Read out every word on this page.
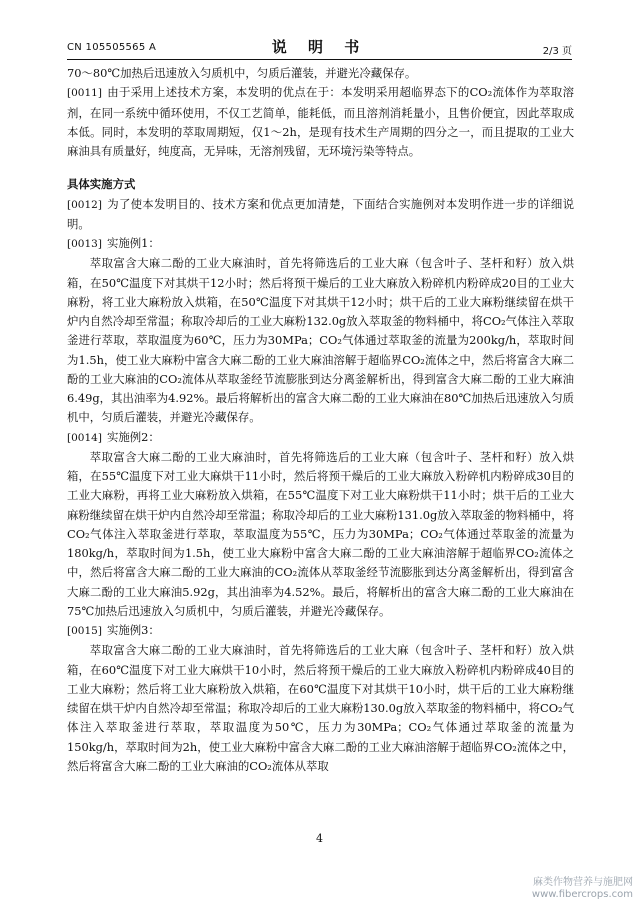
CN 105505565 A	说 明 书	2/3 页

70～80℃加热后迅速放入匀质机中，匀质后灌装，并避光冷藏保存。

[0011] 由于采用上述技术方案，本发明的优点在于：本发明采用超临界态下的CO₂流体作为萃取溶剂，在同一系统中循环使用，不仅工艺简单，能耗低，而且溶剂消耗量小，且售价便宜，因此萃取成本低。同时，本发明的萃取周期短，仅1～2h，是现有技术生产周期的四分之一，而且提取的工业大麻油具有质量好，纯度高，无异味，无溶剂残留，无环境污染等特点。

具体实施方式

[0012] 为了使本发明目的、技术方案和优点更加清楚，下面结合实施例对本发明作进一步的详细说明。

[0013] 实施例1：

萃取富含大麻二酚的工业大麻油时，首先将筛选后的工业大麻（包含叶子、茎杆和籽）放入烘箱，在50℃温度下对其烘干12小时；然后将预干燥后的工业大麻放入粉碎机内粉碎成20目的工业大麻粉，将工业大麻粉放入烘箱，在50℃温度下对其烘干12小时；烘干后的工业大麻粉继续留在烘干炉内自然冷却至常温；称取冷却后的工业大麻粉132.0g放入萃取釜的物料桶中，将CO₂气体注入萃取釜进行萃取，萃取温度为60℃，压力为30MPa；CO₂气体通过萃取釜的流量为200kg/h，萃取时间为1.5h，使工业大麻粉中富含大麻二酚的工业大麻油溶解于超临界CO₂流体之中，然后将富含大麻二酚的工业大麻油的CO₂流体从萃取釜经节流膨胀到达分离釜解析出，得到富含大麻二酚的工业大麻油6.49g，其出油率为4.92%。最后将解析出的富含大麻二酚的工业大麻油在80℃加热后迅速放入匀质机中，匀质后灌装，并避光冷藏保存。

[0014] 实施例2：

萃取富含大麻二酚的工业大麻油时，首先将筛选后的工业大麻（包含叶子、茎杆和籽）放入烘箱，在55℃温度下对工业大麻烘干11小时，然后将预干燥后的工业大麻放入粉碎机内粉碎成30目的工业大麻粉，再将工业大麻粉放入烘箱，在55℃温度下对工业大麻粉烘干11小时；烘干后的工业大麻粉继续留在烘干炉内自然冷却至常温；称取冷却后的工业大麻粉131.0g放入萃取釜的物料桶中，将CO₂气体注入萃取釜进行萃取，萃取温度为55℃，压力为30MPa；CO₂气体通过萃取釜的流量为180kg/h，萃取时间为1.5h，使工业大麻粉中富含大麻二酚的工业大麻油溶解于超临界CO₂流体之中，然后将富含大麻二酚的工业大麻油的CO₂流体从萃取釜经节流膨胀到达分离釜解析出，得到富含大麻二酚的工业大麻油5.92g，其出油率为4.52%。最后，将解析出的富含大麻二酚的工业大麻油在75℃加热后迅速放入匀质机中，匀质后灌装，并避光冷藏保存。

[0015] 实施例3：

萃取富含大麻二酚的工业大麻油时，首先将筛选后的工业大麻（包含叶子、茎杆和籽）放入烘箱，在60℃温度下对工业大麻烘干10小时，然后将预干燥后的工业大麻放入粉碎机内粉碎成40目的工业大麻粉；然后将工业大麻粉放入烘箱，在60℃温度下对其烘干10小时，烘干后的工业大麻粉继续留在烘干炉内自然冷却至常温；称取冷却后的工业大麻粉130.0g放入萃取釜的物料桶中，将CO₂气体注入萃取釜进行萃取，萃取温度为50℃，压力为30MPa；CO₂气体通过萃取釜的流量为150kg/h，萃取时间为2h，使工业大麻粉中富含大麻二酚的工业大麻油溶解于超临界CO₂流体之中，然后将富含大麻二酚的工业大麻油的CO₂流体从萃取

4
麻类作物营养与施肥网
www.fibercrops.com
